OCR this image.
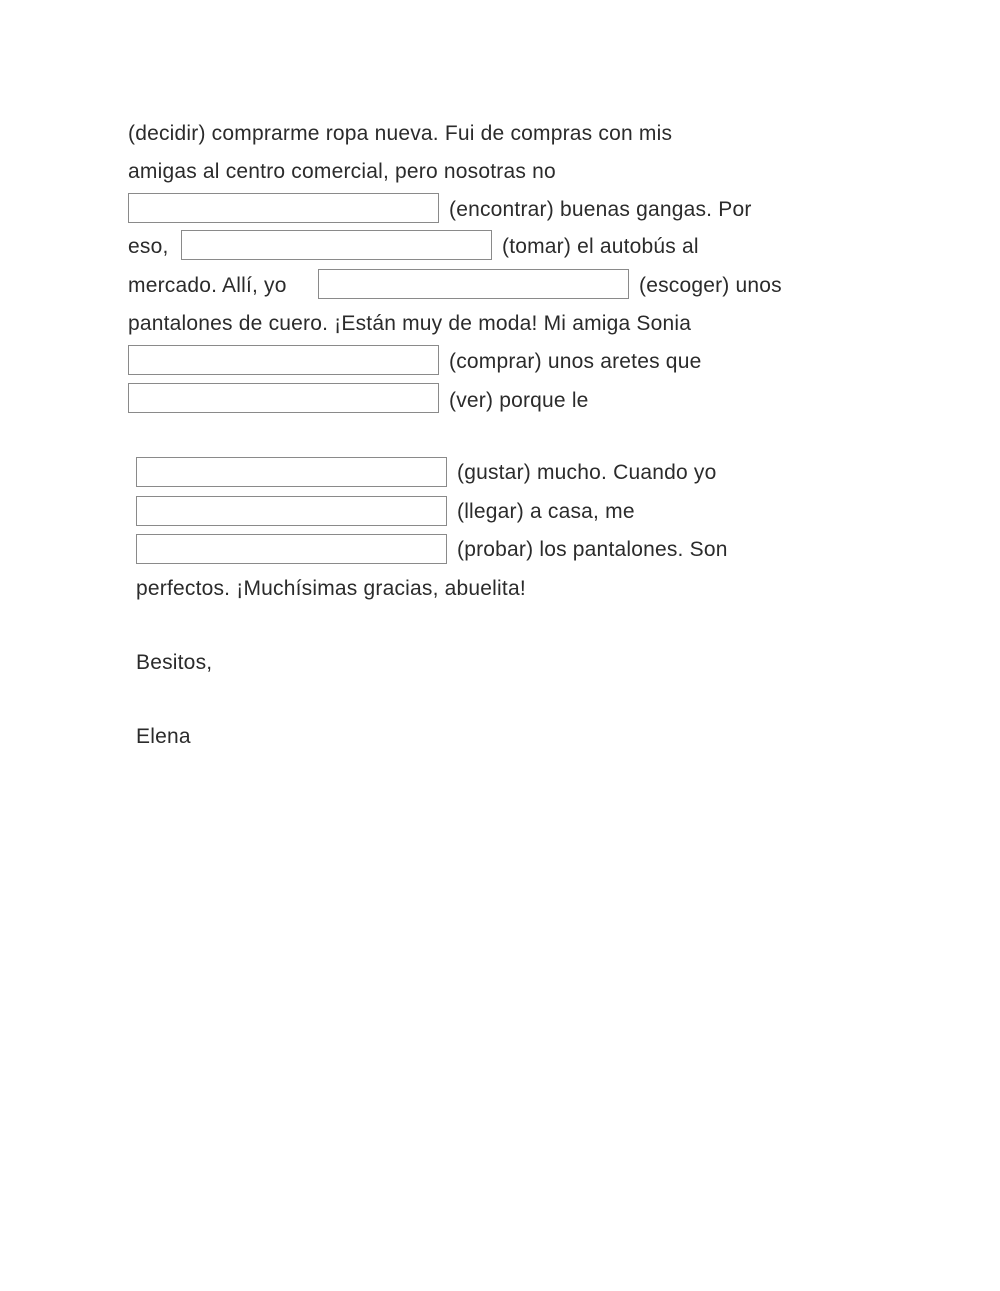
(decidir) comprarme ropa nueva. Fui de compras con mis
amigas al centro comercial, pero nosotras no
(encontrar) buenas gangas. Por
eso,	(tomar) el autobús al
mercado. Allí, yo	(escoger) unos
pantalones de cuero. ¡Están muy de moda! Mi amiga Sonia
(comprar) unos aretes que
(ver) porque le
(gustar) mucho. Cuando yo
(llegar) a casa, me
(probar) los pantalones. Son
perfectos. ¡Muchísimas gracias, abuelita!
Besitos,
Elena
